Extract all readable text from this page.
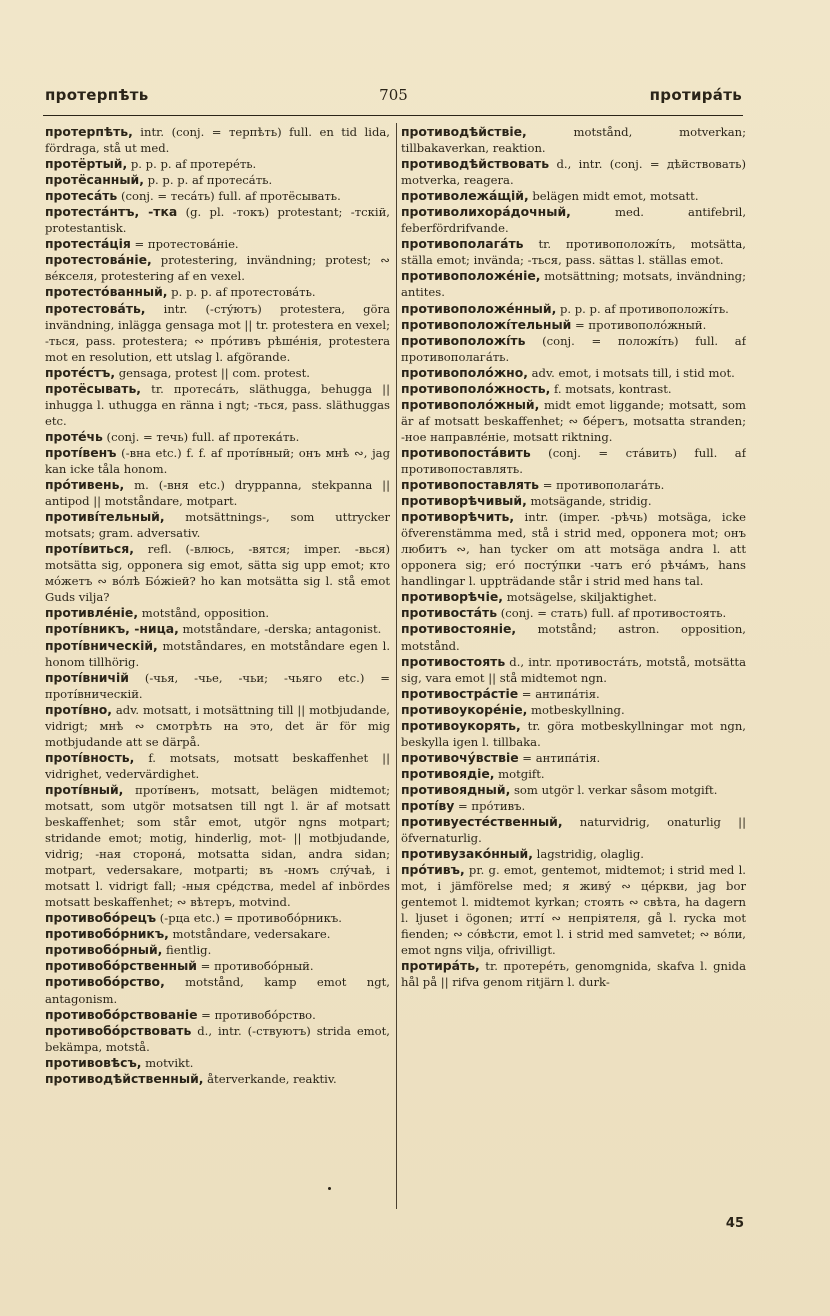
протерпѣть	705	протирáть

протерпѣть, intr. (conj. = терпѣть) full. en tid lida, fördraga, stå ut med.

протёртый, p. p. p. af протерéть.

протёсанный, p. p. p. af протесáть.

протесáть (conj. = тесáть) full. af протёсывать.

протестáнтъ, -тка (g. pl. -токъ) protestant; -тскій, protestantisk.

протестáція = протестовáніе.

протестовáніе, protestering, invändning; protest; ∾ вéкселя, protestering af en vexel.

протестóванный, p. p. p. af протестовáть.

протестовáть, intr. (-стýютъ) protestera, göra invändning, inlägga gensaga mot || tr. protestera en vexel; -ться, pass. protestera; ∾ прóтивъ рѣшéнія, protestera mot en resolution, ett utslag l. afgörande.

протéстъ, gensaga, protest || com. protest.

протёсывать, tr. протесáть, släthugga, behugga || inhugga l. uthugga en ränna i ngt; -ться, pass. släthuggas etc.

протéчь (conj. = течь) full. af протекáть.

протíвенъ (-вна etc.) f. f. af протíвный; онъ мнѣ ∾, jag kan icke tåla honom.

прóтивень, m. (-вня etc.) dryppanna, stekpanna || antipod || motståndare, motpart.

противíтельный, motsättnings-, som uttrycker motsats; gram. adversativ.

протíвиться, refl. (-влюсь, -вятся; imper. -вься) motsätta sig, opponera sig emot, sätta sig upp emot; кто мóжетъ ∾ вóлѣ Бóжіей? ho kan motsätta sig l. stå emot Guds vilja?

противлéніе, motstånd, opposition.

протíвникъ, -ница, motståndare, -derska; antagonist.

протíвническій, motståndares, en motståndare egen l. honom tillhörig.

протíвничій (-чья, -чье, -чьи; -чьяго etc.) = протíвническій.

протíвно, adv. motsatt, i motsättning till || motbjudande, vidrigt; мнѣ ∾ смотрѣть на это, det är för mig motbjudande att se därpå.

протíвность, f. motsats, motsatt beskaffenhet || vidrighet, vedervärdighet.

протíвный, протíвенъ, motsatt, belägen midtemot; motsatt, som utgör motsatsen till ngt l. är af motsatt beskaffenhet; som står emot, utgör ngns motpart; stridande emot; motig, hinderlig, mot- || motbjudande, vidrig; -ная сторонá, motsatta sidan, andra sidan; motpart, vedersakare, motparti; въ -номъ слýчаѣ, i motsatt l. vidrigt fall; -ныя срéдства, medel af inbördes motsatt beskaffenhet; ∾ вѣтеръ, motvind.

противобóрецъ (-рца etc.) = противобóрникъ.

противобóрникъ, motståndare, vedersakare.

противобóрный, fientlig.

противобóрственный = противобóрный.

противобóрство, motstånd, kamp emot ngt, antagonism.

противобóрствованіе = противобóрство.

противобóрствовать d., intr. (-ствуютъ) strida emot, bekämpa, motstå.

противовѣсъ, motvikt.

противодѣйственный, återverkande, reaktiv.

противодѣйствіе, motstånd, motverkan; tillbakaverkan, reaktion.

противодѣйствовать d., intr. (conj. = дѣйствовать) motverka, reagera.

противолежáщій, belägen midt emot, motsatt.

противолихорáдочный, med. antifebril, feberfördrifvande.

противополагáть tr. противоположíть, motsätta, ställa emot; invända; -ться, pass. sättas l. ställas emot.

противоположéніе, motsättning; motsats, invändning; antites.

противоположéнный, p. p. p. af противоположíть.

противоположíтельный = противополóжный.

противоположíть (conj. = положíть) full. af противополагáть.

противополóжно, adv. emot, i motsats till, i stid mot.

противополóжность, f. motsats, kontrast.

противополóжный, midt emot liggande; motsatt, som är af motsatt beskaffenhet; ∾ бéрегъ, motsatta stranden; -ное направлéніе, motsatt riktning.

противопостáвить (conj. = стáвить) full. af противопоставлять.

противопоставлять = противополагáть.

противорѣчивый, motsägande, stridig.

противорѣчить, intr. (imper. -рѣчь) motsäga, icke öfverenstämma med, stå i strid med, opponera mot; онъ любитъ ∾, han tycker om att motsäga andra l. att opponera sig; егó постýпки -чатъ егó рѣчáмъ, hans handlingar l. uppträdande står i strid med hans tal.

противорѣчіе, motsägelse, skiljaktighet.

противостáть (conj. = стать) full. af противостоять.

противостоянiе, motstånd; astron. opposition, motstånd.

противостоять d., intr. противостáть, motstå, motsätta sig, vara emot || stå midtemot ngn.

противострáстіе = антипáтія.

противоукорéніе, motbeskyllning.

противоукорять, tr. göra motbeskyllningar mot ngn, beskylla igen l. tillbaka.

противочýвствіе = антипáтія.

противоядіе, motgift.

противоядный, som utgör l. verkar såsom motgift.

протíву = прóтивъ.

противуестéственный, naturvidrig, onaturlig || öfvernaturlig.

противузакóнный, lagstridig, olaglig.

прóтивъ, pr. g. emot, gentemot, midtemot; i strid med l. mot, i jämförelse med; я живý ∾ цéркви, jag bor gentemot l. midtemot kyrkan; стоять ∾ свѣта, ha dagern l. ljuset i ögonen; иттí ∾ непріятеля, gå l. rycka mot fienden; ∾ сóвѣсти, emot l. i strid med samvetet; ∾ вóли, emot ngns vilja, ofrivilligt.

протирáть, tr. протерéть, genomgnida, skafva l. gnida hål på || rifva genom ritjärn l. durk-

45
